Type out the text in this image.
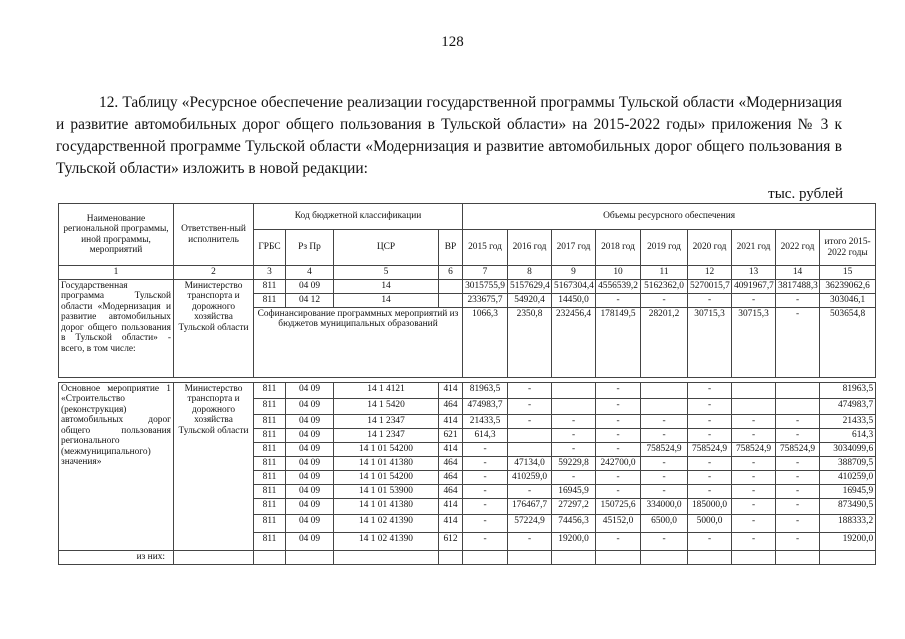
128

12. Таблицу «Ресурсное обеспечение реализации государственной программы Тульской области «Модернизация и развитие автомобильных дорог общего пользования в Тульской области» на 2015-2022 годы» приложения № 3 к государственной программе Тульской области «Модернизация и развитие автомобильных дорог общего пользования в Тульской области» изложить в новой редакции:

тыс. рублей
Наименование региональной программы, иной программы, мероприятий	Ответствен-ный исполнитель	Код бюджетной классификации				Объемы ресурсного обеспечения								
		ГРБС	Рз Пр	ЦСР	ВР	2015 год	2016 год	2017 год	2018 год	2019 год	2020 год	2021 год	2022 год	итого 2015-2022 годы
1	2	3	4	5	6	7	8	9	10	11	12	13	14	15
Государственная программа Тульской области «Модернизация и развитие автомобильных дорог общего пользования в Тульской области» - всего, в том числе:	Министерство транспорта и дорожного хозяйства Тульской области	811	04 09	14		3015755,9	5157629,4	5167304,4	4556539,2	5162362,0	5270015,7	4091967,7	3817488,3	36239062,6
		811	04 12	14		233675,7	54920,4	14450,0	-	-	-	-	-	303046,1
		Софинансирование программных мероприятий из бюджетов муниципальных образований				1066,3	2350,8	232456,4	178149,5	28201,2	30715,3	30715,3	-	503654,8

Основное мероприятие 1 «Строительство (реконструкция) автомобильных дорог общего пользования регионального (межмуниципального) значения»	Министерство транспорта и дорожного хозяйства Тульской области	811	04 09	14 1 4121	414	81963,5	-		-		-			81963,5
		811	04 09	14 1 5420	464	474983,7	-		-		-			474983,7
		811	04 09	14 1 2347	414	21433,5	-	-	-	-	-	-	-	21433,5
		811	04 09	14 1 2347	621	614,3		-	-	-	-	-	-	614,3
		811	04 09	14 1 01 54200	414	-		-	-	758524,9	758524,9	758524,9	758524,9	3034099,6
		811	04 09	14 1 01 41380	464	-	47134,0	59229,8	242700,0	-	-	-	-	388709,5
		811	04 09	14 1 01 54200	464	-	410259,0	-	-	-	-	-	-	410259,0
		811	04 09	14 1 01 53900	464	-	-	16945,9	-	-	-	-	-	16945,9
		811	04 09	14 1 01 41380	414	-	176467,7	27297,2	150725,6	334000,0	185000,0	-	-	873490,5
		811	04 09	14 1 02 41390	414	-	57224,9	74456,3	45152,0	6500,0	5000,0	-	-	188333,2
		811	04 09	14 1 02 41390	612	-	-	19200,0	-	-	-	-	-	19200,0
из них:														
